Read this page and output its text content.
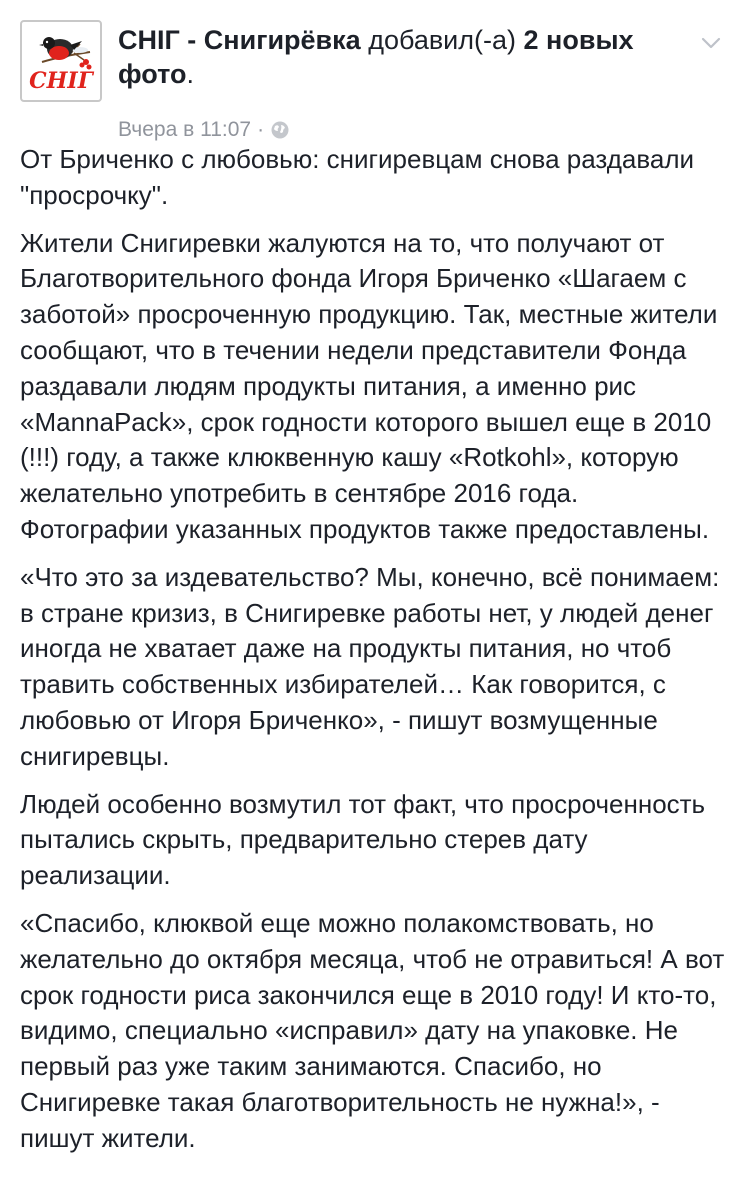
СНІГ
СНІГ - Снигирёвка добавил(-а) 2 новых фото.
Вчера в 11:07 ·

От Бриченко с любовью: снигиревцам снова раздавали "просрочку".

Жители Снигиревки жалуются на то, что получают от Благотворительного фонда Игоря Бриченко «Шагаем с заботой» просроченную продукцию. Так, местные жители сообщают, что в течении недели представители Фонда раздавали людям продукты питания, а именно рис «MannaPack», срок годности которого вышел еще в 2010 (!!!) году, а также клюквенную кашу «Rotkohl», которую желательно употребить в сентябре 2016 года. Фотографии указанных продуктов также предоставлены.

«Что это за издевательство? Мы, конечно, всё понимаем: в стране кризиз, в Снигиревке работы нет, у людей денег иногда не хватает даже на продукты питания, но чтоб травить собственных избирателей… Как говорится, с любовью от Игоря Бриченко», - пишут возмущенные снигиревцы.

Людей особенно возмутил тот факт, что просроченность пытались скрыть, предварительно стерев дату реализации.

«Спасибо, клюквой еще можно полакомствовать, но желательно до октября месяца, чтоб не отравиться! А вот срок годности риса закончился еще в 2010 году! И кто-то, видимо, специально «исправил» дату на упаковке. Не первый раз уже таким занимаются. Спасибо, но Снигиревке такая благотворительность не нужна!», - пишут жители.
